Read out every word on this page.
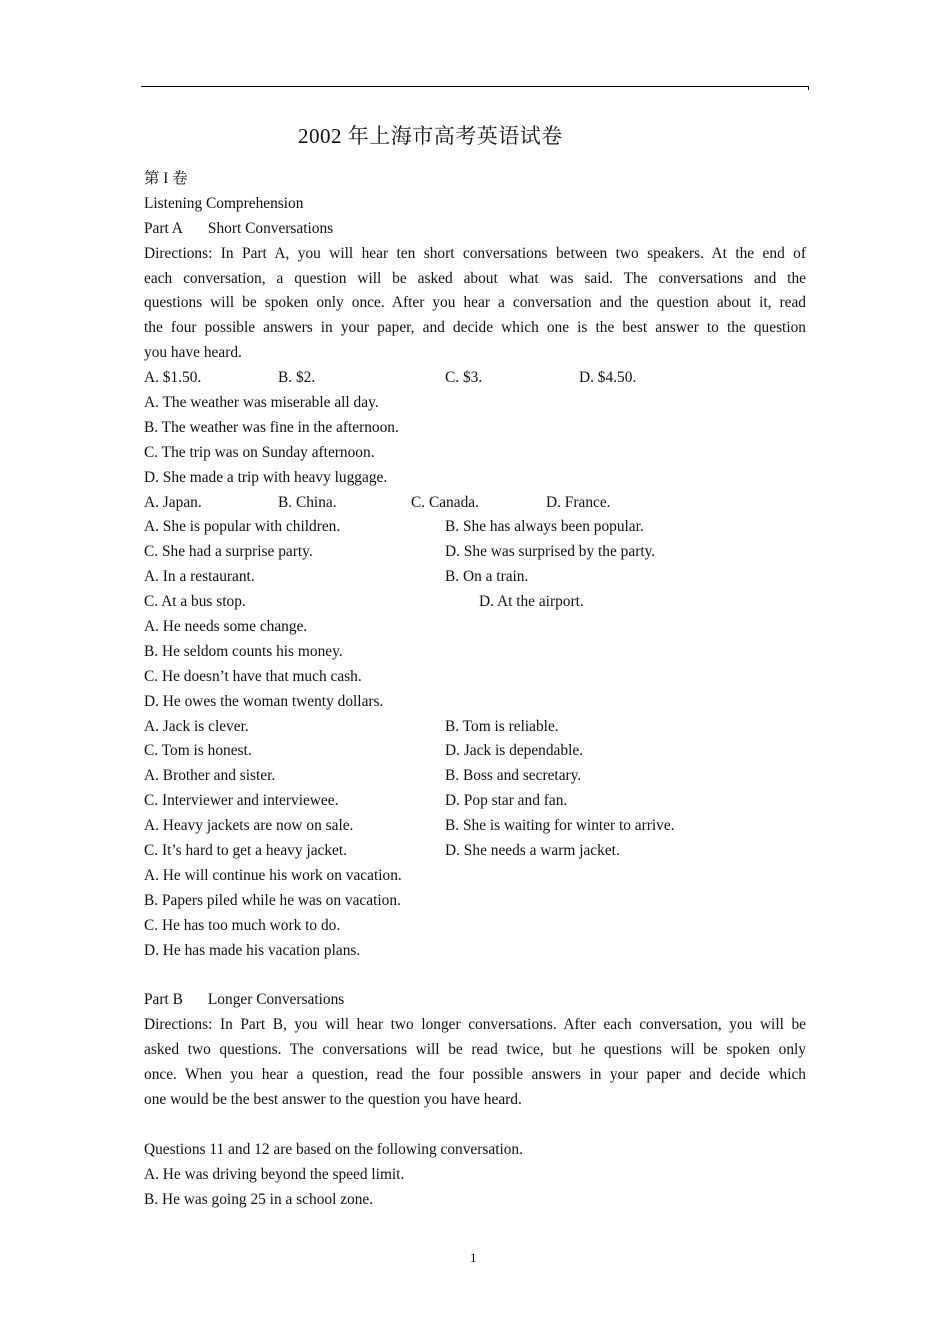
2002 年上海市高考英语试卷
第 I 卷
Listening Comprehension
Part A Short Conversations
Directions: In Part A, you will hear ten short conversations between two speakers. At the end of
each conversation, a question will be asked about what was said. The conversations and the
questions will be spoken only once. After you hear a conversation and the question about it, read
the four possible answers in your paper, and decide which one is the best answer to the question
you have heard.
A. $1.50.	B. $2.	C. $3.	D. $4.50.
A. The weather was miserable all day.
B. The weather was fine in the afternoon.
C. The trip was on Sunday afternoon.
D. She made a trip with heavy luggage.
A. Japan.	B. China.	C. Canada.	D. France.
A. She is popular with children.	B. She has always been popular.
C. She had a surprise party.	D. She was surprised by the party.
A. In a restaurant.	B. On a train.
C. At a bus stop.	D. At the airport.
A. He needs some change.
B. He seldom counts his money.
C. He doesn’t have that much cash.
D. He owes the woman twenty dollars.
A. Jack is clever.	B. Tom is reliable.
C. Tom is honest.	D. Jack is dependable.
A. Brother and sister.	B. Boss and secretary.
C. Interviewer and interviewee.	D. Pop star and fan.
A. Heavy jackets are now on sale.	B. She is waiting for winter to arrive.
C. It’s hard to get a heavy jacket.	D. She needs a warm jacket.
A. He will continue his work on vacation.
B. Papers piled while he was on vacation.
C. He has too much work to do.
D. He has made his vacation plans.
Part B Longer Conversations
Directions: In Part B, you will hear two longer conversations. After each conversation, you will be
asked two questions. The conversations will be read twice, but he questions will be spoken only
once. When you hear a question, read the four possible answers in your paper and decide which
one would be the best answer to the question you have heard.
Questions 11 and 12 are based on the following conversation.
A. He was driving beyond the speed limit.
B. He was going 25 in a school zone.
1
